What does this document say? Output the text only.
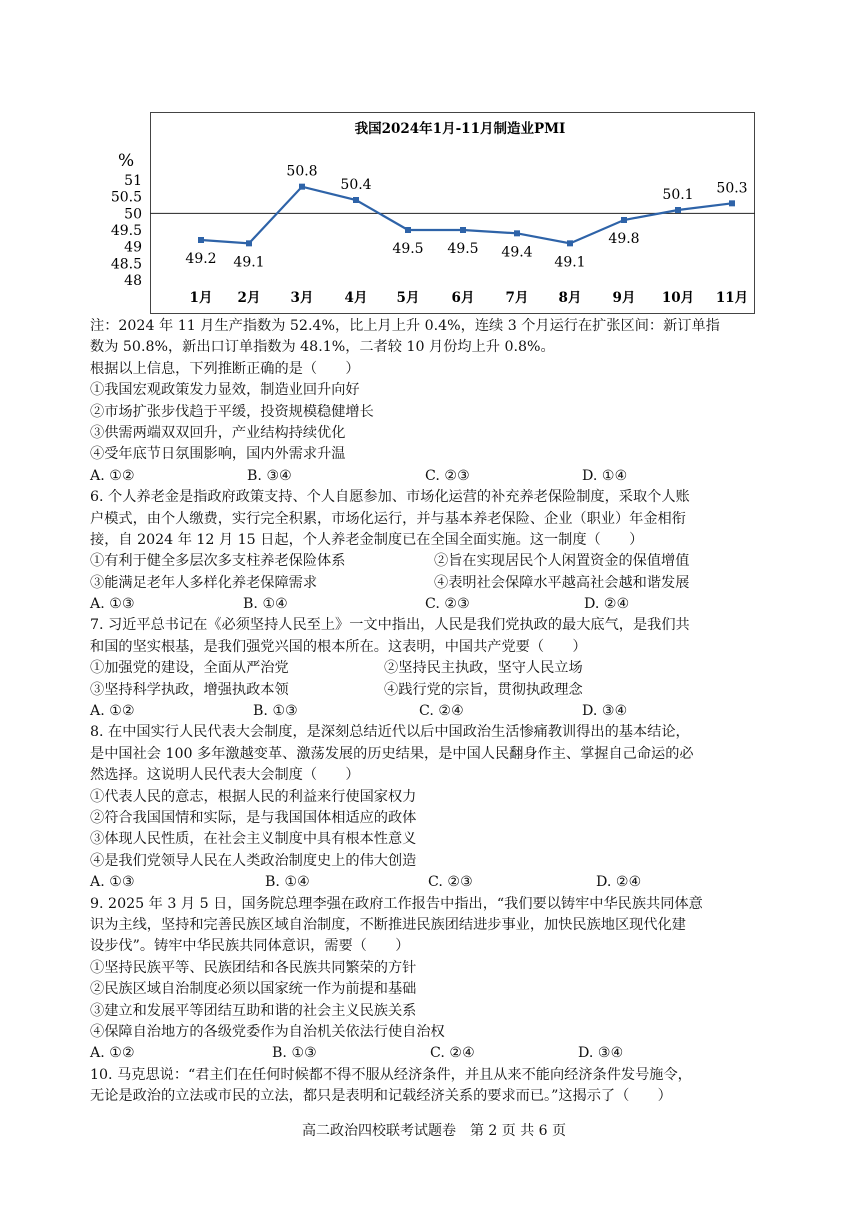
我国2024年1月-11月制造业PMI
%
51
50.5
50
49.5
49
48.5
48
49.2 49.1
50.8
50.4
49.5 49.5 49.4
49.1
49.8
50.1 50.3
1月 2月 3月 4月 5月 6月 7月 8月 9月 10月 11月
注：2024 年 11 月生产指数为 52.4%，比上月上升 0.4%，连续 3 个月运行在扩张区间：新订单指
数为 50.8%，新出口订单指数为 48.1%，二者较 10 月份均上升 0.8%。
根据以上信息，下列推断正确的是（　　）
①我国宏观政策发力显效，制造业回升向好
②市场扩张步伐趋于平缓，投资规模稳健增长
③供需两端双双回升，产业结构持续优化
④受年底节日氛围影响，国内外需求升温
A. ①②	B. ③④	C. ②③	D. ①④
6. 个人养老金是指政府政策支持、个人自愿参加、市场化运营的补充养老保险制度，采取个人账
户模式，由个人缴费，实行完全积累，市场化运行，并与基本养老保险、企业（职业）年金相衔
接，自 2024 年 12 月 15 日起，个人养老金制度已在全国全面实施。这一制度（　　）
①有利于健全多层次多支柱养老保险体系	②旨在实现居民个人闲置资金的保值增值
③能满足老年人多样化养老保障需求	④表明社会保障水平越高社会越和谐发展
A. ①③	B. ①④	C. ②③	D. ②④
7. 习近平总书记在《必须坚持人民至上》一文中指出，人民是我们党执政的最大底气，是我们共
和国的坚实根基，是我们强党兴国的根本所在。这表明，中国共产党要（　　）
①加强党的建设，全面从严治党	②坚持民主执政，坚守人民立场
③坚持科学执政，增强执政本领	④践行党的宗旨，贯彻执政理念
A. ①②	B. ①③	C. ②④	D. ③④
8. 在中国实行人民代表大会制度，是深刻总结近代以后中国政治生活惨痛教训得出的基本结论，
是中国社会 100 多年激越变革、激荡发展的历史结果，是中国人民翻身作主、掌握自己命运的必
然选择。这说明人民代表大会制度（　　）
①代表人民的意志，根据人民的利益来行使国家权力
②符合我国国情和实际，是与我国国体相适应的政体
③体现人民性质，在社会主义制度中具有根本性意义
④是我们党领导人民在人类政治制度史上的伟大创造
A. ①③	B. ①④	C. ②③	D. ②④
9. 2025 年 3 月 5 日，国务院总理李强在政府工作报告中指出，“我们要以铸牢中华民族共同体意
识为主线，坚持和完善民族区域自治制度，不断推进民族团结进步事业，加快民族地区现代化建
设步伐”。铸牢中华民族共同体意识，需要（　　）
①坚持民族平等、民族团结和各民族共同繁荣的方针
②民族区域自治制度必须以国家统一作为前提和基础
③建立和发展平等团结互助和谐的社会主义民族关系
④保障自治地方的各级党委作为自治机关依法行使自治权
A. ①②	B. ①③	C. ②④	D. ③④
10. 马克思说：“君主们在任何时候都不得不服从经济条件，并且从来不能向经济条件发号施令，
无论是政治的立法或市民的立法，都只是表明和记载经济关系的要求而已。”这揭示了（　　）
高二政治四校联考试题卷　第 2 页 共 6 页
